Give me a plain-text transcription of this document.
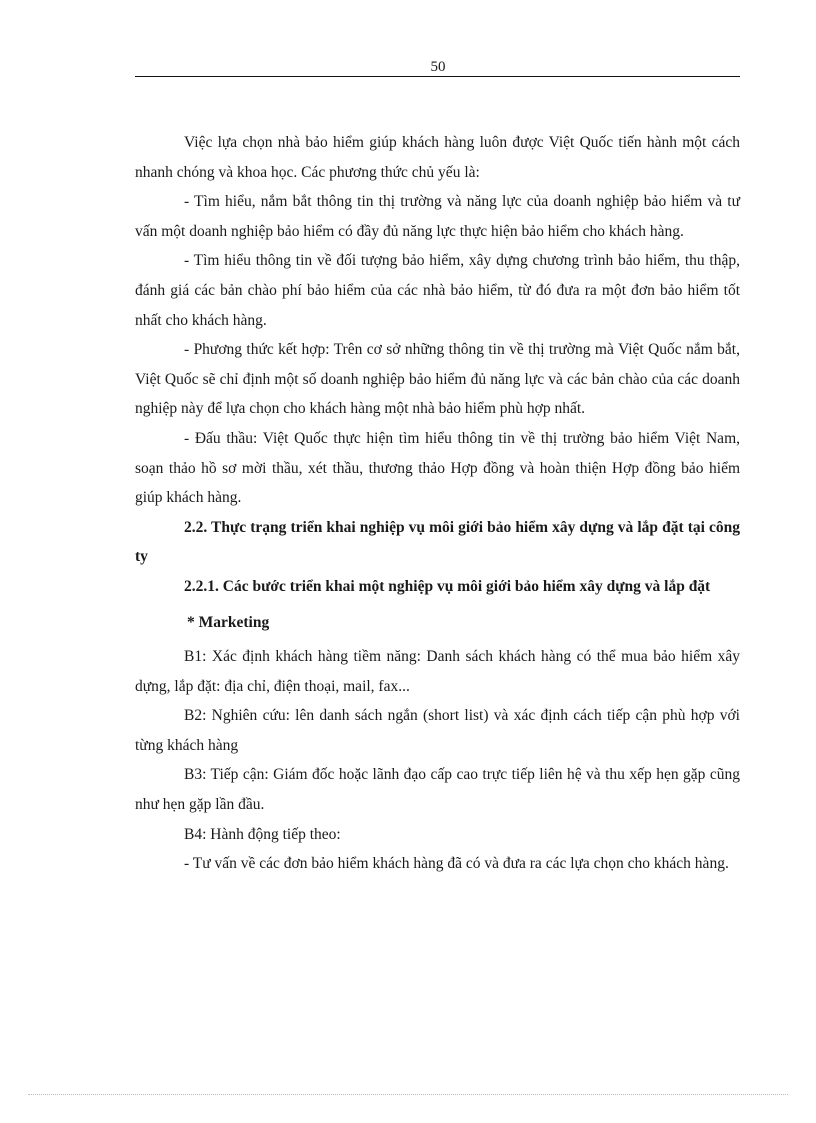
50

Việc lựa chọn nhà bảo hiểm giúp khách hàng luôn được Việt Quốc tiến hành một cách nhanh chóng và khoa học. Các phương thức chủ yếu là:

- Tìm hiểu, nắm bắt thông tin thị trường và năng lực của doanh nghiệp bảo hiểm và tư vấn một doanh nghiệp bảo hiểm có đầy đủ năng lực thực hiện bảo hiểm cho khách hàng.

- Tìm hiểu thông tin về đối tượng bảo hiểm, xây dựng chương trình bảo hiểm, thu thập, đánh giá các bản chào phí bảo hiểm của các nhà bảo hiểm, từ đó đưa ra một đơn bảo hiểm tốt nhất cho khách hàng.

- Phương thức kết hợp: Trên cơ sở những thông tin về thị trường mà Việt Quốc nắm bắt, Việt Quốc sẽ chỉ định một số doanh nghiệp bảo hiểm đủ năng lực và các bản chào của các doanh nghiệp này để lựa chọn cho khách hàng một nhà bảo hiểm phù hợp nhất.

- Đấu thầu: Việt Quốc thực hiện tìm hiểu thông tin về thị trường bảo hiểm Việt Nam, soạn thảo hồ sơ mời thầu, xét thầu, thương thảo Hợp đồng và hoàn thiện Hợp đồng bảo hiểm giúp khách hàng.

2.2. Thực trạng triển khai nghiệp vụ môi giới bảo hiểm xây dựng và lắp đặt tại công ty

2.2.1. Các bước triển khai một nghiệp vụ môi giới bảo hiểm xây dựng và lắp đặt

* Marketing

B1: Xác định khách hàng tiềm năng: Danh sách khách hàng có thể mua bảo hiểm xây dựng, lắp đặt: địa chỉ, điện thoại, mail, fax...

B2: Nghiên cứu: lên danh sách ngắn (short list) và xác định cách tiếp cận phù hợp với từng khách hàng

B3: Tiếp cận: Giám đốc hoặc lãnh đạo cấp cao trực tiếp liên hệ và thu xếp hẹn gặp cũng như hẹn gặp lần đầu.

B4: Hành động tiếp theo:

- Tư vấn về các đơn bảo hiểm khách hàng đã có và đưa ra các lựa chọn cho khách hàng.
